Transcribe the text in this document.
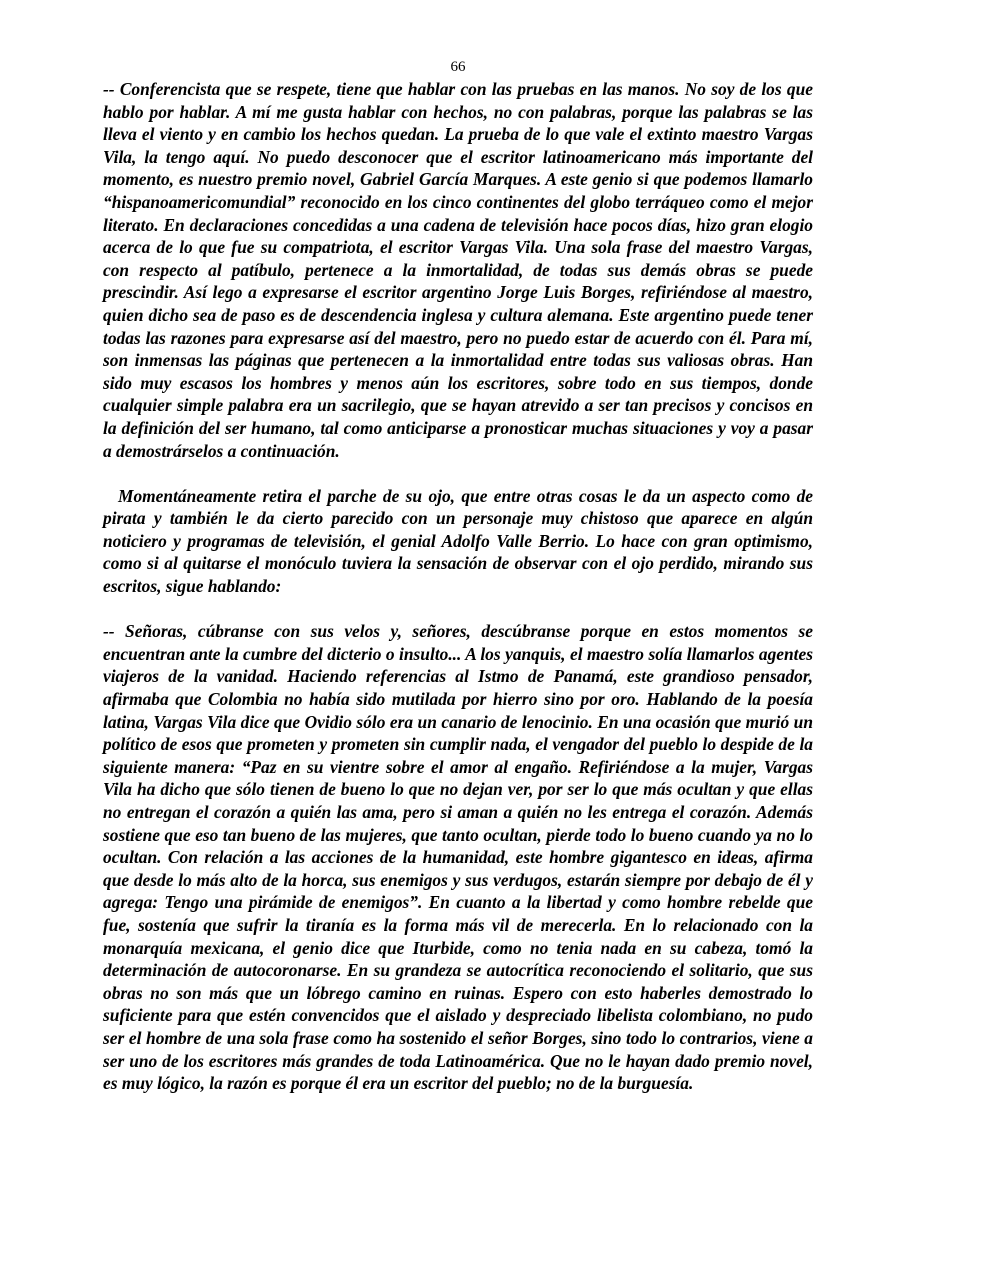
66

-- Conferencista que se respete, tiene que hablar con las pruebas en las manos. No soy de los que hablo por hablar. A mí me gusta hablar con hechos, no con palabras, porque las palabras se las lleva el viento y en cambio los hechos quedan. La prueba de lo que vale el extinto maestro Vargas Vila, la tengo aquí. No puedo desconocer que el escritor latinoamericano más importante del momento, es nuestro premio novel, Gabriel García Marques. A este genio si que podemos llamarlo “hispanoamericomundial” reconocido en los cinco continentes del globo terráqueo como el mejor literato. En declaraciones concedidas a una cadena de televisión hace pocos días, hizo gran elogio acerca de lo que fue su compatriota, el escritor Vargas Vila. Una sola frase del maestro Vargas, con respecto al patíbulo, pertenece a la inmortalidad, de todas sus demás obras se puede prescindir. Así lego a expresarse el escritor argentino Jorge Luis Borges, refiriéndose al maestro, quien dicho sea de paso es de descendencia inglesa y cultura alemana. Este argentino puede tener todas las razones para expresarse así del maestro, pero no puedo estar de acuerdo con él. Para mí, son inmensas las páginas que pertenecen a la inmortalidad entre todas sus valiosas obras. Han sido muy escasos los hombres y menos aún los escritores, sobre todo en sus tiempos, donde cualquier simple palabra era un sacrilegio, que se hayan atrevido a ser tan precisos y concisos en la definición del ser humano, tal como anticiparse a pronosticar muchas situaciones y voy a pasar a demostrárselos a continuación.

Momentáneamente retira el parche de su ojo, que entre otras cosas le da un aspecto como de pirata y también le da cierto parecido con un personaje muy chistoso que aparece en algún noticiero y programas de televisión, el genial Adolfo Valle Berrio. Lo hace con gran optimismo, como si al quitarse el monóculo tuviera la sensación de observar con el ojo perdido, mirando sus escritos, sigue hablando:

-- Señoras, cúbranse con sus velos y, señores, descúbranse porque en estos momentos se encuentran ante la cumbre del dicterio o insulto... A los yanquis, el maestro solía llamarlos agentes viajeros de la vanidad. Haciendo referencias al Istmo de Panamá, este grandioso pensador, afirmaba que Colombia no había sido mutilada por hierro sino por oro. Hablando de la poesía latina, Vargas Vila dice que Ovidio sólo era un canario de lenocinio. En una ocasión que murió un político de esos que prometen y prometen sin cumplir nada, el vengador del pueblo lo despide de la siguiente manera: “Paz en su vientre sobre el amor al engaño. Refiriéndose a la mujer, Vargas Vila ha dicho que sólo tienen de bueno lo que no dejan ver, por ser lo que más ocultan y que ellas no entregan el corazón a quién las ama, pero si aman a quién no les entrega el corazón. Además sostiene que eso tan bueno de las mujeres, que tanto ocultan, pierde todo lo bueno cuando ya no lo ocultan. Con relación a las acciones de la humanidad, este hombre gigantesco en ideas, afirma que desde lo más alto de la horca, sus enemigos y sus verdugos, estarán siempre por debajo de él y agrega: Tengo una pirámide de enemigos”. En cuanto a la libertad y como hombre rebelde que fue, sostenía que sufrir la tiranía es la forma más vil de merecerla. En lo relacionado con la monarquía mexicana, el genio dice que Iturbide, como no tenia nada en su cabeza, tomó la determinación de autocoronarse. En su grandeza se autocrítica reconociendo el solitario, que sus obras no son más que un lóbrego camino en ruinas. Espero con esto haberles demostrado lo suficiente para que estén convencidos que el aislado y despreciado libelista colombiano, no pudo ser el hombre de una sola frase como ha sostenido el señor Borges, sino todo lo contrarios, viene a ser uno de los escritores más grandes de toda Latinoamérica. Que no le hayan dado premio novel, es muy lógico, la razón es porque él era un escritor del pueblo; no de la burguesía.
